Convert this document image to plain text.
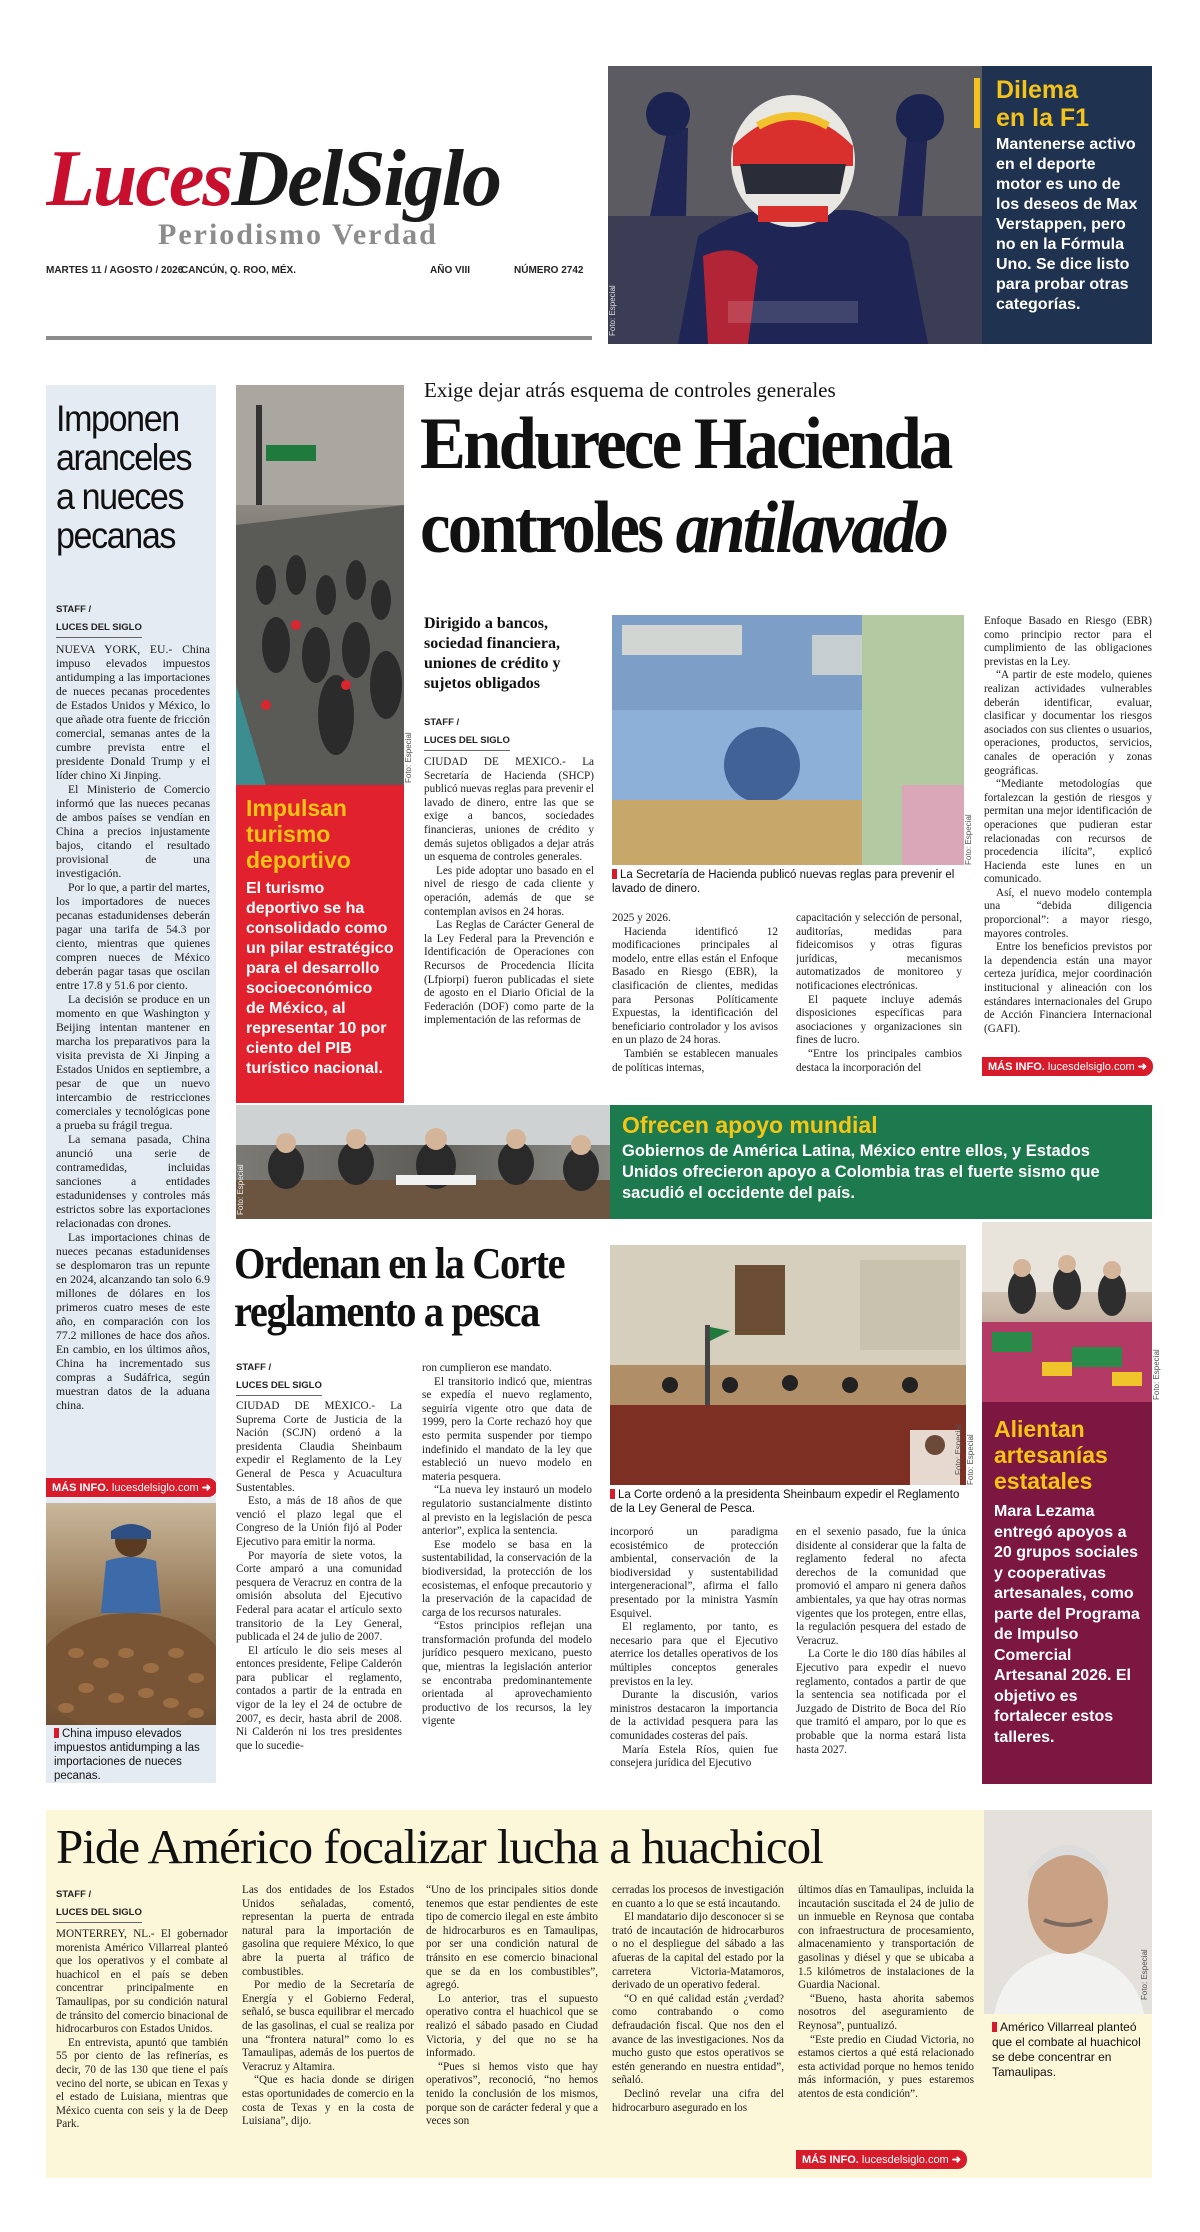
LucesDelSiglo
Periodismo Verdad
MARTES 11 / AGOSTO / 2026
CANCÚN, Q. ROO, MÉX.	AÑO VIII	NÚMERO 2742
Foto: Especial
Dilema
en la F1
Mantenerse activo en el deporte motor es uno de los deseos de Max Verstappen, pero no en la Fórmula Uno. Se dice listo para probar otras categorías.
Imponen aranceles a nueces pecanas
STAFF /
LUCES DEL SIGLO

NUEVA YORK, EU.- China impuso elevados impuestos antidumping a las importaciones de nueces pecanas procedentes de Estados Unidos y México, lo que añade otra fuente de fricción comercial, semanas antes de la cumbre prevista entre el presidente Donald Trump y el líder chino Xi Jinping.

El Ministerio de Comercio informó que las nueces pecanas de ambos países se vendían en China a precios injustamente bajos, citando el resultado provisional de una investigación.

Por lo que, a partir del martes, los importadores de nueces pecanas estadunidenses deberán pagar una tarifa de 54.3 por ciento, mientras que quienes compren nueces de México deberán pagar tasas que oscilan entre 17.8 y 51.6 por ciento.

La decisión se produce en un momento en que Washington y Beijing intentan mantener en marcha los preparativos para la visita prevista de Xi Jinping a Estados Unidos en septiembre, a pesar de que un nuevo intercambio de restricciones comerciales y tecnológicas pone a prueba su frágil tregua.

La semana pasada, China anunció una serie de contramedidas, incluidas sanciones a entidades estadunidenses y controles más estrictos sobre las exportaciones relacionadas con drones.

Las importaciones chinas de nueces pecanas estadunidenses se desplomaron tras un repunte en 2024, alcanzando tan solo 6.9 millones de dólares en los primeros cuatro meses de este año, en comparación con los 77.2 millones de hace dos años. En cambio, en los últimos años, China ha incrementado sus compras a Sudáfrica, según muestran datos de la aduana china.

MÁS INFO. lucesdelsiglo.com ➜
China impuso elevados impuestos antidumping a las importaciones de nueces pecanas.
Foto: Especial
Impulsan turismo deportivo
El turismo deportivo se ha consolidado como un pilar estratégico para el desarrollo socioeconómico de México, al representar 10 por ciento del PIB turístico nacional.
Exige dejar atrás esquema de controles generales
Endurece Hacienda
controles antilavado
Dirigido a bancos, sociedad financiera, uniones de crédito y sujetos obligados
STAFF /
LUCES DEL SIGLO

CIUDAD DE MÉXICO.- La Secretaría de Hacienda (SHCP) publicó nuevas reglas para prevenir el lavado de dinero, entre las que se exige a bancos, sociedades financieras, uniones de crédito y demás sujetos obligados a dejar atrás un esquema de controles generales.

Les pide adoptar uno basado en el nivel de riesgo de cada cliente y operación, además de que se contemplan avisos en 24 horas.

Las Reglas de Carácter General de la Ley Federal para la Prevención e Identificación de Operaciones con Recursos de Procedencia Ilícita (Lfpiorpi) fueron publicadas el siete de agosto en el Diario Oficial de la Federación (DOF) como parte de la implementación de las reformas de

Foto: Especial
La Secretaría de Hacienda publicó nuevas reglas para prevenir el lavado de dinero.

2025 y 2026.

Hacienda identificó 12 modificaciones principales al modelo, entre ellas están el Enfoque Basado en Riesgo (EBR), la clasificación de clientes, medidas para Personas Políticamente Expuestas, la identificación del beneficiario controlador y los avisos en un plazo de 24 horas.

También se establecen manuales de políticas internas,

capacitación y selección de personal, auditorías, medidas para fideicomisos y otras figuras jurídicas, mecanismos automatizados de monitoreo y notificaciones electrónicas.

El paquete incluye además disposiciones específicas para asociaciones y organizaciones sin fines de lucro.

“Entre los principales cambios destaca la incorporación del

Enfoque Basado en Riesgo (EBR) como principio rector para el cumplimiento de las obligaciones previstas en la Ley.

“A partir de este modelo, quienes realizan actividades vulnerables deberán identificar, evaluar, clasificar y documentar los riesgos asociados con sus clientes o usuarios, operaciones, productos, servicios, canales de operación y zonas geográficas.

“Mediante metodologías que fortalezcan la gestión de riesgos y permitan una mejor identificación de operaciones que pudieran estar relacionadas con recursos de procedencia ilícita”, explicó Hacienda este lunes en un comunicado.

Así, el nuevo modelo contempla una “debida diligencia proporcional”: a mayor riesgo, mayores controles.

Entre los beneficios previstos por la dependencia están una mayor certeza jurídica, mejor coordinación institucional y alineación con los estándares internacionales del Grupo de Acción Financiera Internacional (GAFI).

MÁS INFO. lucesdelsiglo.com ➜
Foto: Especial
Ofrecen apoyo mundial
Gobiernos de América Latina, México entre ellos, y Estados Unidos ofrecieron apoyo a Colombia tras el fuerte sismo que sacudió el occidente del país.
Ordenan en la Corte reglamento a pesca
STAFF /
LUCES DEL SIGLO

CIUDAD DE MÉXICO.- La Suprema Corte de Justicia de la Nación (SCJN) ordenó a la presidenta Claudia Sheinbaum expedir el Reglamento de la Ley General de Pesca y Acuacultura Sustentables.

Esto, a más de 18 años de que venció el plazo legal que el Congreso de la Unión fijó al Poder Ejecutivo para emitir la norma.

Por mayoría de siete votos, la Corte amparó a una comunidad pesquera de Veracruz en contra de la omisión absoluta del Ejecutivo Federal para acatar el artículo sexto transitorio de la Ley General, publicada el 24 de julio de 2007.

El artículo le dio seis meses al entonces presidente, Felipe Calderón para publicar el reglamento, contados a partir de la entrada en vigor de la ley el 24 de octubre de 2007, es decir, hasta abril de 2008. Ni Calderón ni los tres presidentes que lo sucedie-

ron cumplieron ese mandato.

El transitorio indicó que, mientras se expedía el nuevo reglamento, seguiría vigente otro que data de 1999, pero la Corte rechazó hoy que esto permita suspender por tiempo indefinido el mandato de la ley que estableció un nuevo modelo en materia pesquera.

“La nueva ley instauró un modelo regulatorio sustancialmente distinto al previsto en la legislación de pesca anterior”, explica la sentencia.

Ese modelo se basa en la sustentabilidad, la conservación de la biodiversidad, la protección de los ecosistemas, el enfoque precautorio y la preservación de la capacidad de carga de los recursos naturales.

“Estos principios reflejan una transformación profunda del modelo jurídico pesquero mexicano, puesto que, mientras la legislación anterior se encontraba predominantemente orientada al aprovechamiento productivo de los recursos, la ley vigente

Foto: Especial Foto: Especial
La Corte ordenó a la presidenta Sheinbaum expedir el Reglamento de la Ley General de Pesca.

incorporó un paradigma ecosistémico de protección ambiental, conservación de la biodiversidad y sustentabilidad intergeneracional”, afirma el fallo presentado por la ministra Yasmín Esquivel.

El reglamento, por tanto, es necesario para que el Ejecutivo aterrice los detalles operativos de los múltiples conceptos generales previstos en la ley.

Durante la discusión, varios ministros destacaron la importancia de la actividad pesquera para las comunidades costeras del país.

María Estela Ríos, quien fue consejera jurídica del Ejecutivo

en el sexenio pasado, fue la única disidente al considerar que la falta de reglamento federal no afecta derechos de la comunidad que promovió el amparo ni genera daños ambientales, ya que hay otras normas vigentes que los protegen, entre ellas, la regulación pesquera del estado de Veracruz.

La Corte le dio 180 días hábiles al Ejecutivo para expedir el nuevo reglamento, contados a partir de que la sentencia sea notificada por el Juzgado de Distrito de Boca del Río que tramitó el amparo, por lo que es probable que la norma estará lista hasta 2027.

Foto: Especial
Alientan artesanías estatales
Mara Lezama entregó apoyos a 20 grupos sociales y cooperativas artesanales, como parte del Programa de Impulso Comercial Artesanal 2026. El objetivo es fortalecer estos talleres.
Pide Américo focalizar lucha a huachicol
STAFF /
LUCES DEL SIGLO

MONTERREY, NL.- El gobernador morenista Américo Villarreal planteó que los operativos y el combate al huachicol en el país se deben concentrar principalmente en Tamaulipas, por su condición natural de tránsito del comercio binacional de hidrocarburos con Estados Unidos.

En entrevista, apuntó que también 55 por ciento de las refinerías, es decir, 70 de las 130 que tiene el país vecino del norte, se ubican en Texas y el estado de Luisiana, mientras que México cuenta con seis y la de Deep Park.

Las dos entidades de los Estados Unidos señaladas, comentó, representan la puerta de entrada natural para la importación de gasolina que requiere México, lo que abre la puerta al tráfico de combustibles.

Por medio de la Secretaría de Energía y el Gobierno Federal, señaló, se busca equilibrar el mercado de las gasolinas, el cual se realiza por una “frontera natural” como lo es Tamaulipas, además de los puertos de Veracruz y Altamira.

“Que es hacia donde se dirigen estas oportunidades de comercio en la costa de Texas y en la costa de Luisiana”, dijo.

“Uno de los principales sitios donde tenemos que estar pendientes de este tipo de comercio ilegal en este ámbito de hidrocarburos es en Tamaulipas, por ser una condición natural de tránsito en ese comercio binacional que se da en los combustibles”, agregó.

Lo anterior, tras el supuesto operativo contra el huachicol que se realizó el sábado pasado en Ciudad Victoria, y del que no se ha informado.

“Pues si hemos visto que hay operativos”, reconoció, “no hemos tenido la conclusión de los mismos, porque son de carácter federal y que a veces son

cerradas los procesos de investigación en cuanto a lo que se está incautando.

El mandatario dijo desconocer si se trató de incautación de hidrocarburos o no el despliegue del sábado a las afueras de la capital del estado por la carretera Victoria-Matamoros, derivado de un operativo federal.

“O en qué calidad están ¿verdad? como contrabando o como defraudación fiscal. Que nos den el avance de las investigaciones. Nos da mucho gusto que estos operativos se estén generando en nuestra entidad”, señaló.

Declinó revelar una cifra del hidrocarburo asegurado en los

últimos días en Tamaulipas, incluida la incautación suscitada el 24 de julio de un inmueble en Reynosa que contaba con infraestructura de procesamiento, almacenamiento y transportación de gasolinas y diésel y que se ubicaba a 1.5 kilómetros de instalaciones de la Guardia Nacional.

“Bueno, hasta ahorita sabemos nosotros del aseguramiento de Reynosa”, puntualizó.

“Este predio en Ciudad Victoria, no estamos ciertos a qué está relacionado esta actividad porque no hemos tenido más información, y pues estaremos atentos de esta condición”.

MÁS INFO. lucesdelsiglo.com ➜
Foto: Especial
Américo Villarreal planteó que el combate al huachicol se debe concentrar en Tamaulipas.
